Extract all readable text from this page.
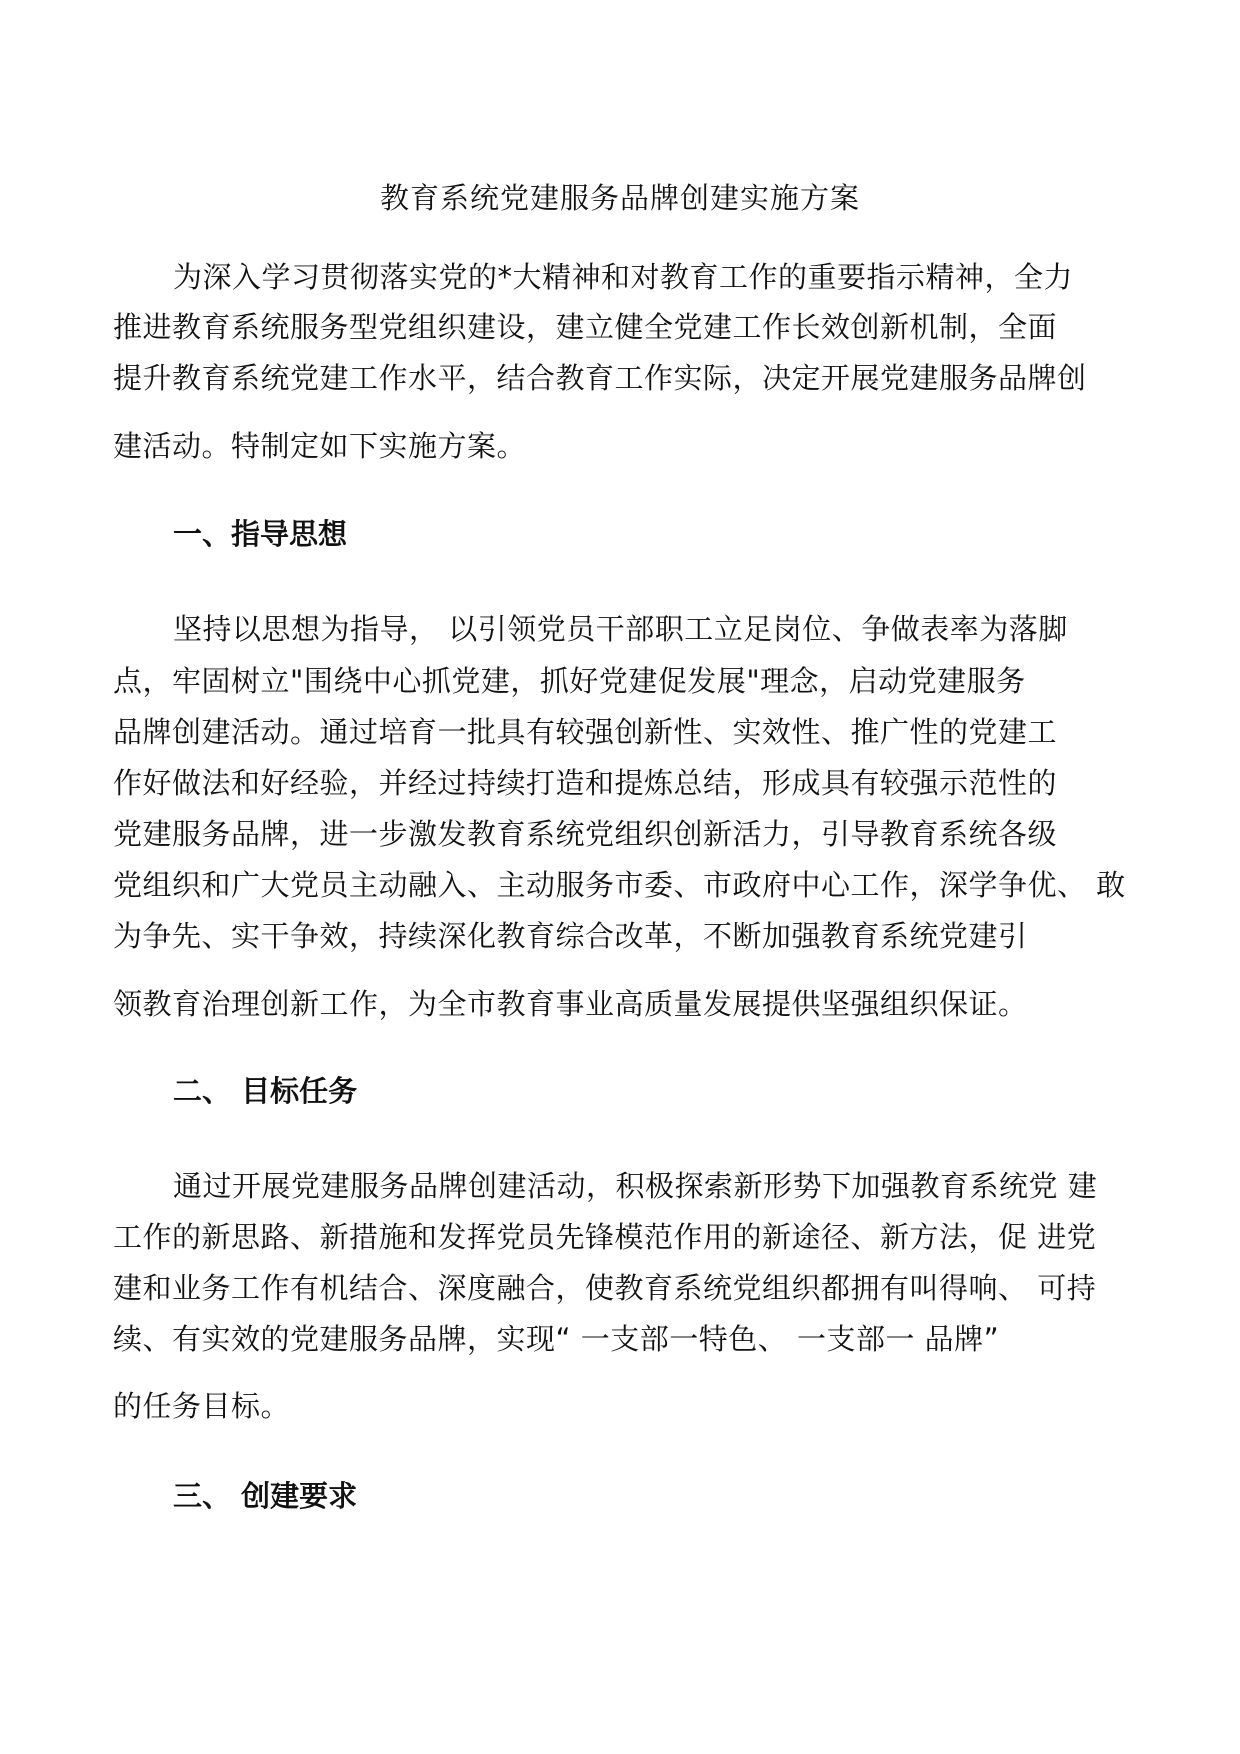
教育系统党建服务品牌创建实施方案

为深入学习贯彻落实党的*大精神和对教育工作的重要指示精神，全力

推进教育系统服务型党组织建设，建立健全党建工作长效创新机制，全面

提升教育系统党建工作水平，结合教育工作实际，决定开展党建服务品牌创

建活动。特制定如下实施方案。

一、指导思想

坚持以思想为指导， 以引领党员干部职工立足岗位、争做表率为落脚

点，牢固树立"围绕中心抓党建，抓好党建促发展"理念，启动党建服务

品牌创建活动。通过培育一批具有较强创新性、实效性、推广性的党建工

作好做法和好经验，并经过持续打造和提炼总结，形成具有较强示范性的

党建服务品牌，进一步激发教育系统党组织创新活力，引导教育系统各级

党组织和广大党员主动融入、主动服务市委、市政府中心工作，深学争优、 敢

为争先、实干争效，持续深化教育综合改革，不断加强教育系统党建引

领教育治理创新工作，为全市教育事业高质量发展提供坚强组织保证。

二、 目标任务

通过开展党建服务品牌创建活动，积极探索新形势下加强教育系统党 建

工作的新思路、新措施和发挥党员先锋模范作用的新途径、新方法，促 进党

建和业务工作有机结合、深度融合，使教育系统党组织都拥有叫得响、 可持

续、有实效的党建服务品牌，实现“ 一支部一特色、 一支部一 品牌”

的任务目标。

三、 创建要求
